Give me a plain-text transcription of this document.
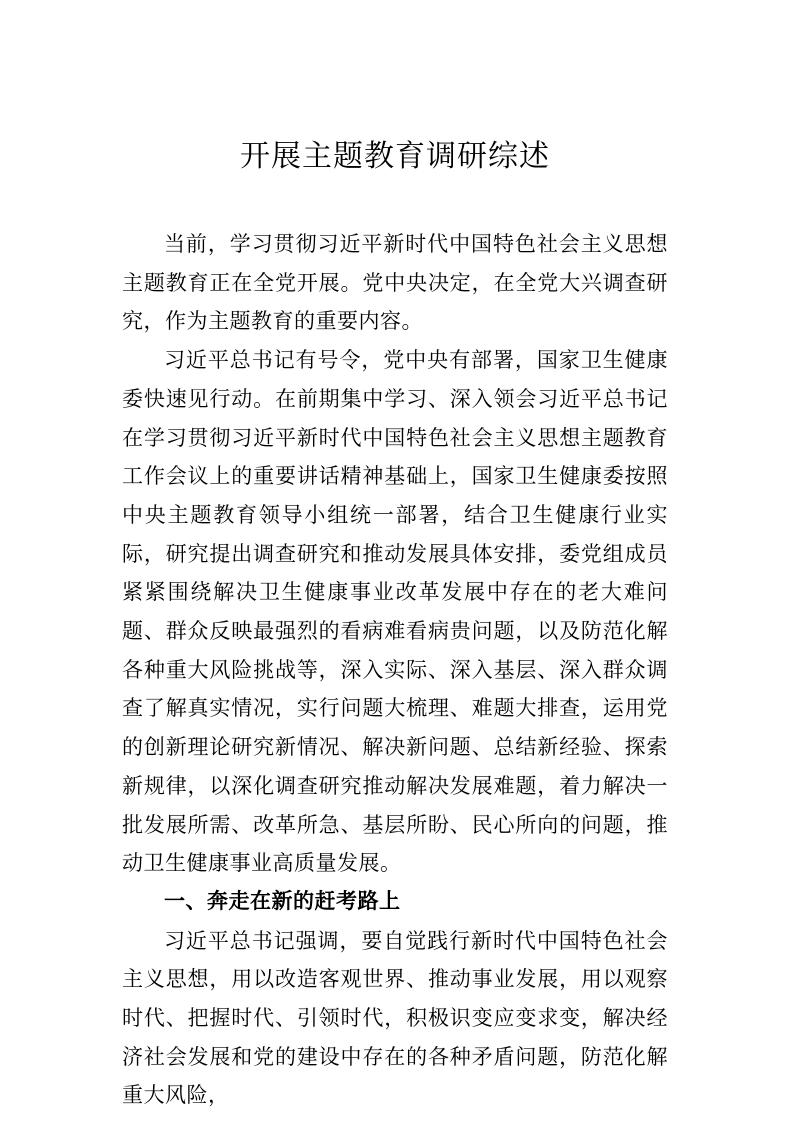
开展主题教育调研综述

当前，学习贯彻习近平新时代中国特色社会主义思想主题教育正在全党开展。党中央决定，在全党大兴调查研究，作为主题教育的重要内容。

习近平总书记有号令，党中央有部署，国家卫生健康委快速见行动。在前期集中学习、深入领会习近平总书记在学习贯彻习近平新时代中国特色社会主义思想主题教育工作会议上的重要讲话精神基础上，国家卫生健康委按照中央主题教育领导小组统一部署，结合卫生健康行业实际，研究提出调查研究和推动发展具体安排，委党组成员紧紧围绕解决卫生健康事业改革发展中存在的老大难问题、群众反映最强烈的看病难看病贵问题，以及防范化解各种重大风险挑战等，深入实际、深入基层、深入群众调查了解真实情况，实行问题大梳理、难题大排查，运用党的创新理论研究新情况、解决新问题、总结新经验、探索新规律，以深化调查研究推动解决发展难题，着力解决一批发展所需、改革所急、基层所盼、民心所向的问题，推动卫生健康事业高质量发展。

一、奔走在新的赶考路上

习近平总书记强调，要自觉践行新时代中国特色社会主义思想，用以改造客观世界、推动事业发展，用以观察时代、把握时代、引领时代，积极识变应变求变，解决经济社会发展和党的建设中存在的各种矛盾问题，防范化解重大风险，
